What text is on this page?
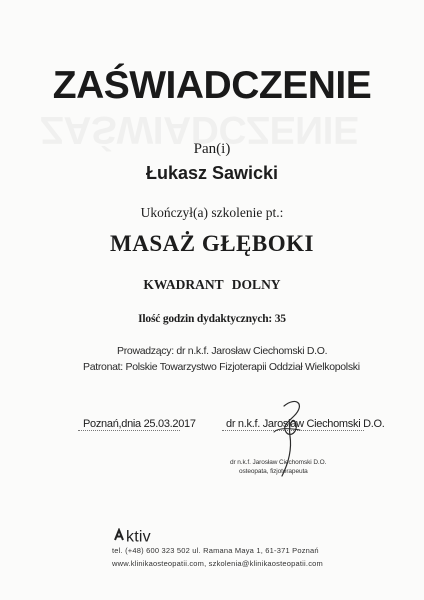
ZAŚWIADCZENIE
Pan(i)
Łukasz Sawicki
Ukończył(a) szkolenie pt.:
MASAŻ GŁĘBOKI
KWADRANT DOLNY
Ilość godzin dydaktycznych: 35
Prowadzący: dr n.k.f. Jarosław Ciechomski D.O.
Patronat: Polskie Towarzystwo Fizjoterapii Oddział Wielkopolski
Poznań,dnia 25.03.2017	dr n.k.f. Jarosław Ciechomski D.O.
dr n.k.f. Jarosław Ciechomski D.O.
osteopata, fizjoterapeuta
ktiv
tel. (+48) 600 323 502 ul. Ramana Maya 1, 61-371 Poznań
www.klinikaosteopatii.com, szkolenia@klinikaosteopatii.com
